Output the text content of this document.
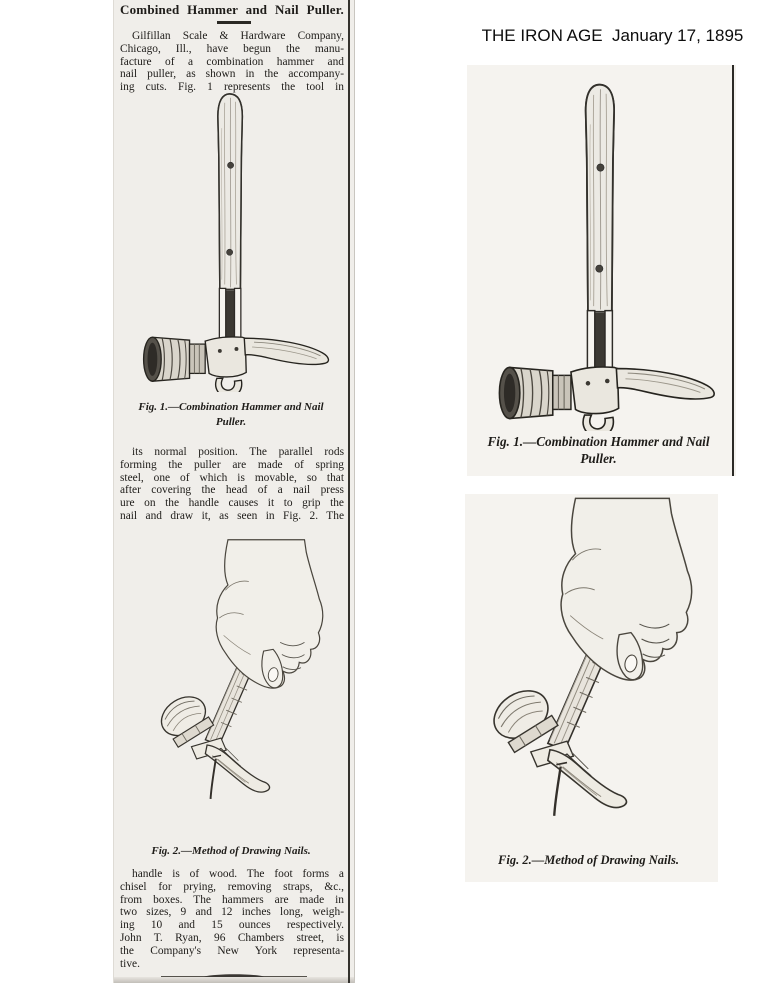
Combined Hammer and Nail Puller.
Gilfillan Scale & Hardware Company,
Chicago, Ill., have begun the manu-
facture of a combination hammer and
nail puller, as shown in the accompany-
ing cuts. Fig. 1 represents the tool in
Fig. 1.—Combination Hammer and Nail
Puller.
its normal position. The parallel rods
forming the puller are made of spring
steel, one of which is movable, so that
after covering the head of a nail press
ure on the handle causes it to grip the
nail and draw it, as seen in Fig. 2. The
Fig. 2.—Method of Drawing Nails.
handle is of wood. The foot forms a
chisel for prying, removing straps, &c.,
from boxes. The hammers are made in
two sizes, 9 and 12 inches long, weigh-
ing 10 and 15 ounces respectively.
John T. Ryan, 96 Chambers street, is
the Company's New York representa-
tive.
THE IRON AGE  January 17, 1895
Fig. 1.—Combination Hammer and Nail
Puller.
Fig. 2.—Method of Drawing Nails.
